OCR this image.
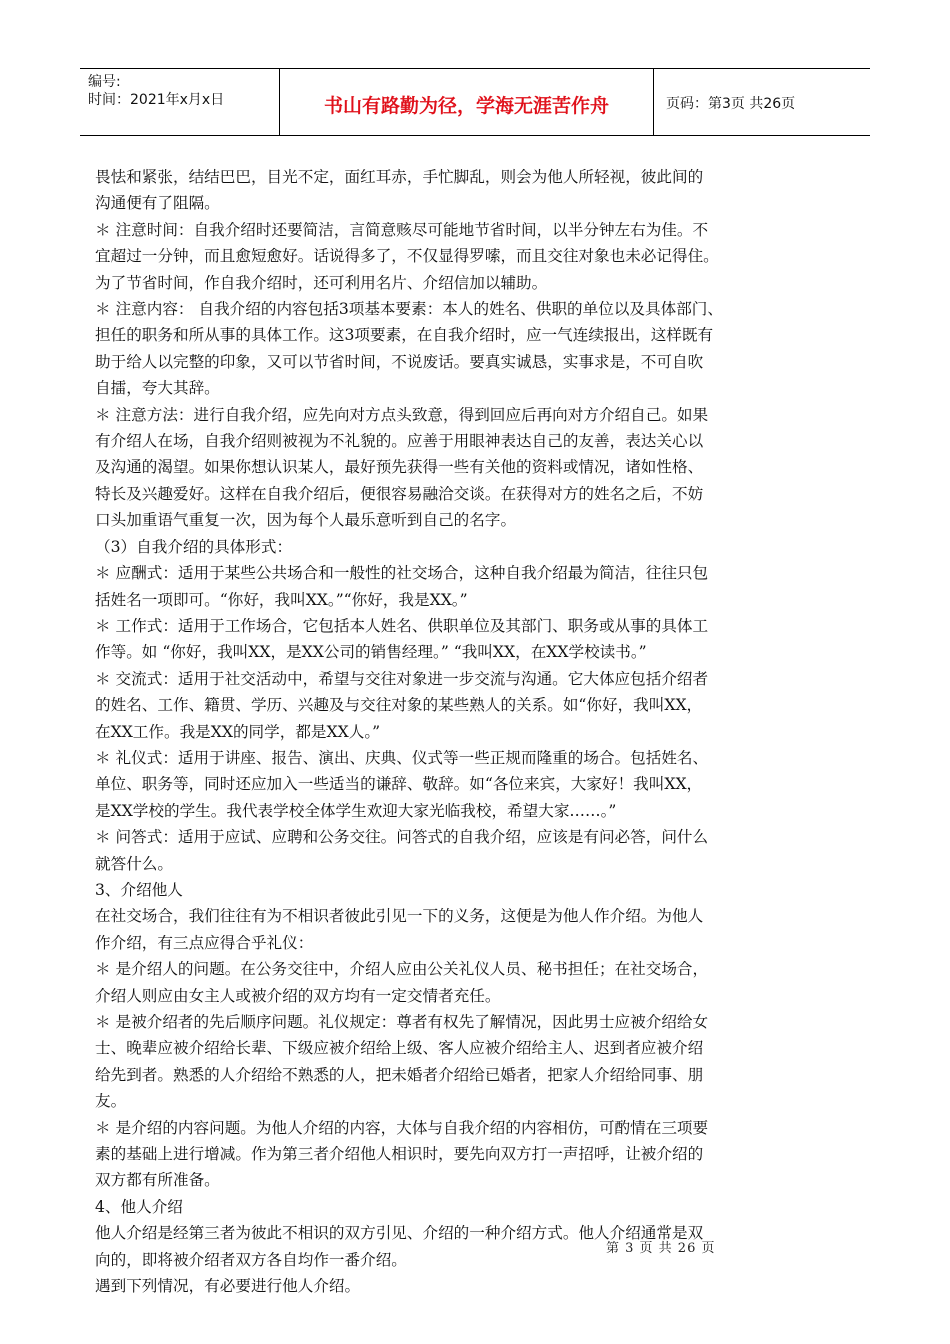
编号:
时间：2021年x月x日	书山有路勤为径，学海无涯苦作舟	页码：第3页 共26页

畏怯和紧张，结结巴巴，目光不定，面红耳赤，手忙脚乱，则会为他人所轻视，彼此间的

沟通便有了阻隔。

＊ 注意时间：自我介绍时还要简洁，言简意赅尽可能地节省时间，以半分钟左右为佳。不

宜超过一分钟，而且愈短愈好。话说得多了，不仅显得罗嗦，而且交往对象也未必记得住。

为了节省时间，作自我介绍时，还可利用名片、介绍信加以辅助。

＊ 注意内容： 自我介绍的内容包括3项基本要素：本人的姓名、供职的单位以及具体部门、

担任的职务和所从事的具体工作。这3项要素，在自我介绍时，应一气连续报出，这样既有

助于给人以完整的印象，又可以节省时间，不说废话。要真实诚恳，实事求是，不可自吹

自擂，夸大其辞。

＊ 注意方法：进行自我介绍，应先向对方点头致意，得到回应后再向对方介绍自己。如果

有介绍人在场，自我介绍则被视为不礼貌的。应善于用眼神表达自己的友善，表达关心以

及沟通的渴望。如果你想认识某人，最好预先获得一些有关他的资料或情况，诸如性格、

特长及兴趣爱好。这样在自我介绍后，便很容易融洽交谈。在获得对方的姓名之后，不妨

口头加重语气重复一次，因为每个人最乐意听到自己的名字。

（3）自我介绍的具体形式：

＊ 应酬式：适用于某些公共场合和一般性的社交场合，这种自我介绍最为简洁，往往只包

括姓名一项即可。“你好，我叫XX。”“你好，我是XX。”

＊ 工作式：适用于工作场合，它包括本人姓名、供职单位及其部门、职务或从事的具体工

作等。如 “你好，我叫XX，是XX公司的销售经理。” “我叫XX，在XX学校读书。”

＊ 交流式：适用于社交活动中，希望与交往对象进一步交流与沟通。它大体应包括介绍者

的姓名、工作、籍贯、学历、兴趣及与交往对象的某些熟人的关系。如“你好，我叫XX，

在XX工作。我是XX的同学，都是XX人。”

＊ 礼仪式：适用于讲座、报告、演出、庆典、仪式等一些正规而隆重的场合。包括姓名、

单位、职务等，同时还应加入一些适当的谦辞、敬辞。如“各位来宾，大家好！我叫XX，

是XX学校的学生。我代表学校全体学生欢迎大家光临我校，希望大家……。”

＊ 问答式：适用于应试、应聘和公务交往。问答式的自我介绍，应该是有问必答，问什么

就答什么。

3、介绍他人

在社交场合，我们往往有为不相识者彼此引见一下的义务，这便是为他人作介绍。为他人

作介绍，有三点应得合乎礼仪：

＊ 是介绍人的问题。在公务交往中，介绍人应由公关礼仪人员、秘书担任；在社交场合，

介绍人则应由女主人或被介绍的双方均有一定交情者充任。

＊ 是被介绍者的先后顺序问题。礼仪规定：尊者有权先了解情况，因此男士应被介绍给女

士、晚辈应被介绍给长辈、下级应被介绍给上级、客人应被介绍给主人、迟到者应被介绍

给先到者。熟悉的人介绍给不熟悉的人，把未婚者介绍给已婚者，把家人介绍给同事、朋

友。

＊ 是介绍的内容问题。为他人介绍的内容，大体与自我介绍的内容相仿，可酌情在三项要

素的基础上进行增减。作为第三者介绍他人相识时，要先向双方打一声招呼，让被介绍的

双方都有所准备。

4、他人介绍

他人介绍是经第三者为彼此不相识的双方引见、介绍的一种介绍方式。他人介绍通常是双

向的，即将被介绍者双方各自均作一番介绍。

遇到下列情况，有必要进行他人介绍。

第 3 页 共 26 页
